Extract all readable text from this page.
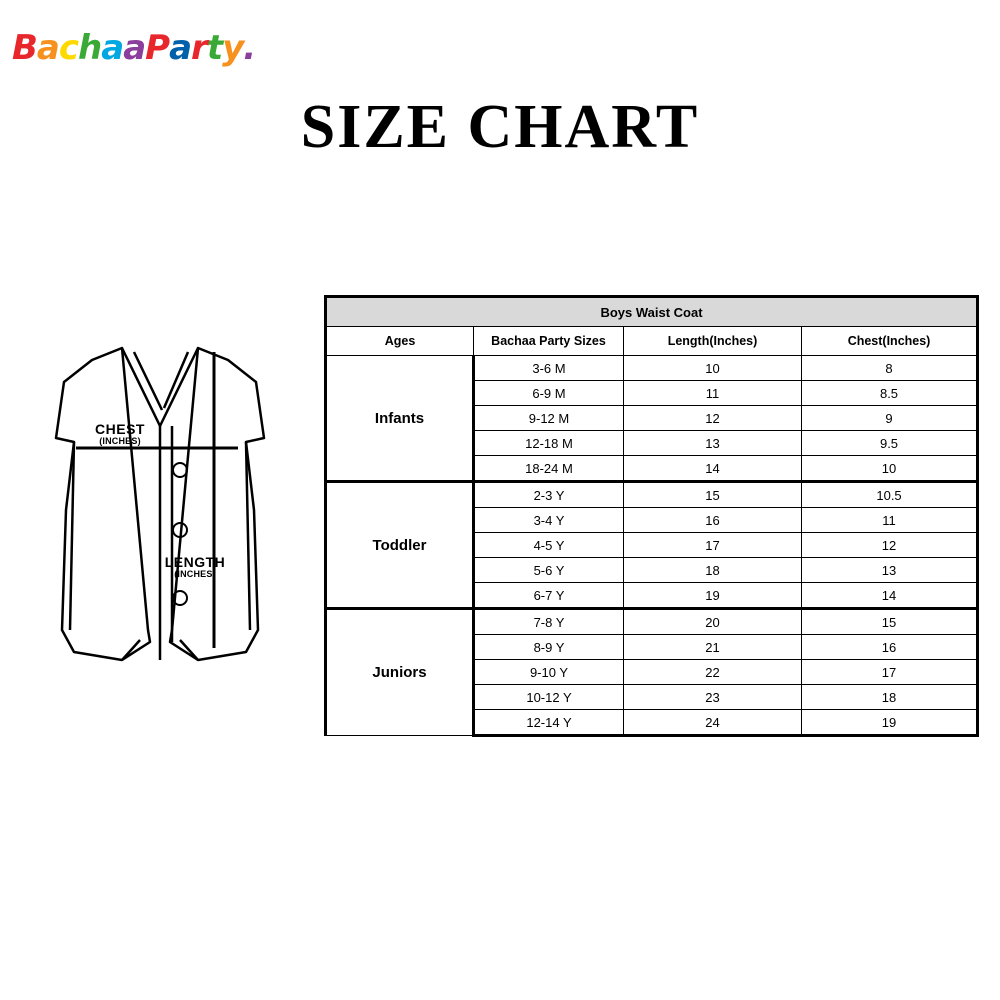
BachaaParty.
SIZE CHART
CHEST
(INCHES)
LENGTH
(INCHES)
Boys Waist Coat			
Ages	Bachaa Party Sizes	Length(Inches)	Chest(Inches)
Infants	3-6 M	10	8
	6-9 M	11	8.5
	9-12 M	12	9
	12-18 M	13	9.5
	18-24 M	14	10
Toddler	2-3 Y	15	10.5
	3-4 Y	16	11
	4-5 Y	17	12
	5-6 Y	18	13
	6-7 Y	19	14
Juniors	7-8 Y	20	15
	8-9 Y	21	16
	9-10 Y	22	17
	10-12 Y	23	18
	12-14 Y	24	19
